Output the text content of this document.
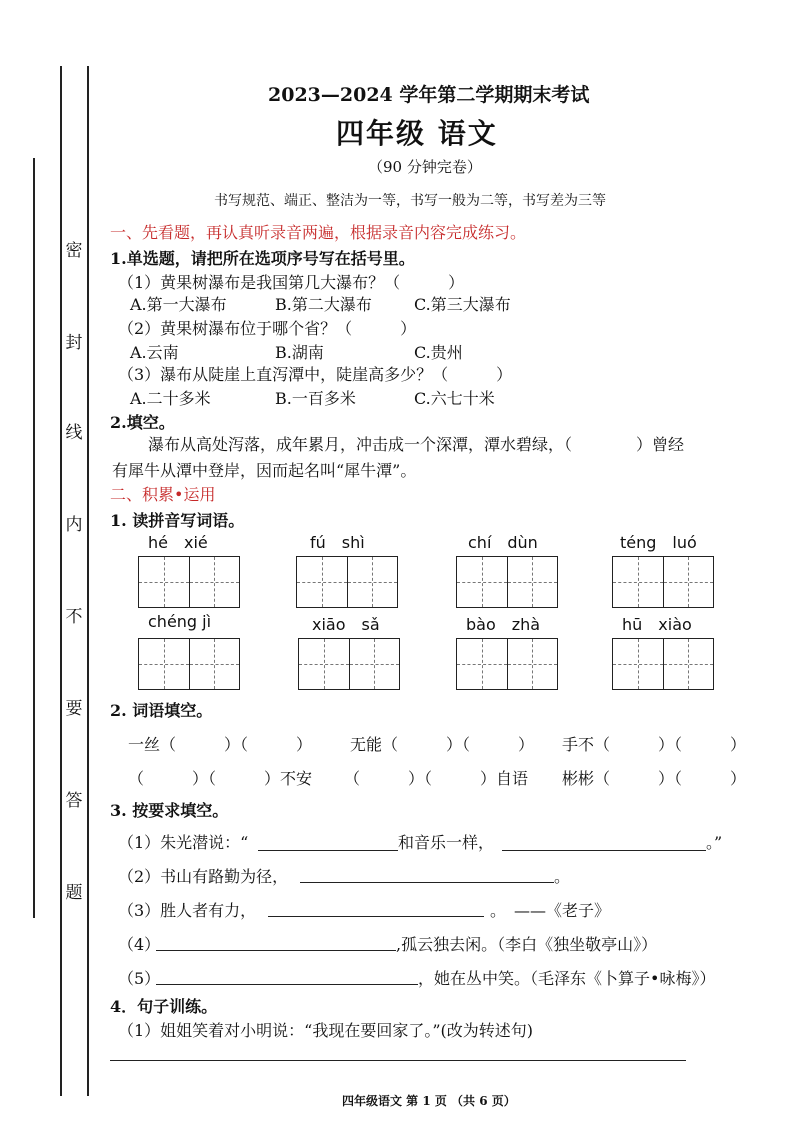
密
封
线
内
不
要
答
题
2023—2024 学年第二学期期末考试
四年级 语文
（90 分钟完卷）
书写规范、端正、整洁为一等，书写一般为二等，书写差为三等
一、先看题，再认真听录音两遍，根据录音内容完成练习。
1.单选题，请把所在选项序号写在括号里。
（1）黄果树瀑布是我国第几大瀑布？（　　　）
A.第一大瀑布	B.第二大瀑布	C.第三大瀑布
（2）黄果树瀑布位于哪个省？（　　　）
A.云南	B.湖南	C.贵州
（3）瀑布从陡崖上直泻潭中，陡崖高多少？（　　　）
A.二十多米	B.一百多米	C.六七十米
2.填空。
瀑布从高处泻落，成年累月，冲击成一个深潭，潭水碧绿，（　　　　）曾经
有犀牛从潭中登岸，因而起名叫“犀牛潭”。
二、积累•运用
1. 读拼音写词语。
hé　xié	fú　shì	chí　dùn	téng　luó
chéng jì	xiāo　sǎ	bào　zhà	hū　xiào
2. 词语填空。
一丝（　　　）（　　　） 无能（　　　）（　　　） 手不（　　　）（　　　）
（　　　）（　　　）不安 （　　　）（　　　）自语 彬彬（　　　）（　　　）
3. 按要求填空。
（1）朱光潜说：“	和音乐一样，	。”
（2）书山有路勤为径，	。
（3）胜人者有力，	。　——《老子》
（4）	,孤云独去闲。（李白《独坐敬亭山》）
（5）	，她在丛中笑。（毛泽东《卜算子•咏梅》）
4．句子训练。
（1）姐姐笑着对小明说：“我现在要回家了。”(改为转述句)
四年级语文 第 1 页 （共 6 页）
